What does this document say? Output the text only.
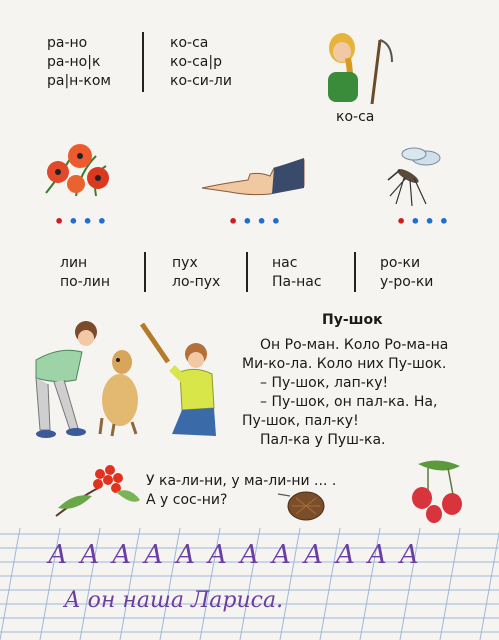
ра-но
ра-но|к
ра|н-ком
ко-са
ко-са|р
ко-си-ли
ко-са
••••	••••	••••
лин
по-лин
пух
ло-пух
нас
Па-нас
ро-ки
у-ро-ки
Пу-шок
Он Ро-ман. Коло Ро-ма-на
Ми-ко-ла. Коло них Пу-шок.
– Пу-шок, лап-ку!
– Пу-шок, он пал-ка. На,
Пу-шок, пал-ку!
Пал-ка у Пуш-ка.
У ка-ли-ни, у ма-ли-ни ... .
А у сос-ни?
А А А А А А А А А А А А
А он наша Лариса.
